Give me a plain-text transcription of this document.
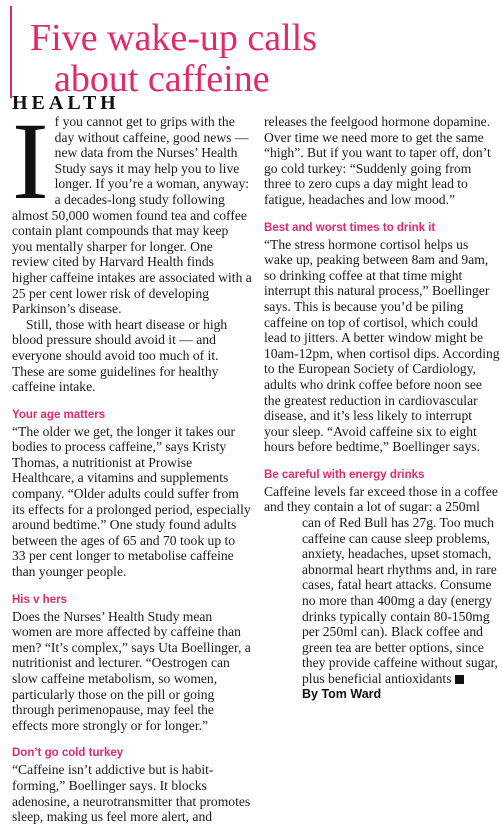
Five wake-up calls
about caffeine
HEALTH
I f you cannot get to grips with the day without caffeine, good news — new data from the Nurses’ Health Study says it may help you to live longer. If you’re a woman, anyway: a decades-long study following almost 50,000 women found tea and coffee contain plant compounds that may keep you mentally sharper for longer. One review cited by Harvard Health finds higher caffeine intakes are associated with a 25 per cent lower risk of developing Parkinson’s disease.

Still, those with heart disease or high blood pressure should avoid it — and everyone should avoid too much of it. These are some guidelines for healthy caffeine intake.

Your age matters

“The older we get, the longer it takes our bodies to process caffeine,” says Kristy Thomas, a nutritionist at Prowise Healthcare, a vitamins and supplements company. “Older adults could suffer from its effects for a prolonged period, especially around bedtime.” One study found adults between the ages of 65 and 70 took up to 33 per cent longer to metabolise caffeine than younger people.

His v hers

Does the Nurses’ Health Study mean women are more affected by caffeine than men? “It’s complex,” says Uta Boellinger, a nutritionist and lecturer. “Oestrogen can slow caffeine metabolism, so women, particularly those on the pill or going through perimenopause, may feel the effects more strongly or for longer.”

Don’t go cold turkey

“Caffeine isn’t addictive but is habit-forming,” Boellinger says. It blocks adenosine, a neurotransmitter that promotes sleep, making us feel more alert, and

releases the feelgood hormone dopamine. Over time we need more to get the same “high”. But if you want to taper off, don’t go cold turkey: “Suddenly going from three to zero cups a day might lead to fatigue, headaches and low mood.”

Best and worst times to drink it

“The stress hormone cortisol helps us wake up, peaking between 8am and 9am, so drinking coffee at that time might interrupt this natural process,” Boellinger says. This is because you’d be piling caffeine on top of cortisol, which could lead to jitters. A better window might be 10am-12pm, when cortisol dips. According to the European Society of Cardiology, adults who drink coffee before noon see the greatest reduction in cardiovascular disease, and it’s less likely to interrupt your sleep. “Avoid caffeine six to eight hours before bedtime,” Boellinger says.

Be careful with energy drinks

Caffeine levels far exceed those in a coffee and they contain a lot of sugar: a 250ml

can of Red Bull has 27g. Too much caffeine can cause sleep problems, anxiety, headaches, upset stomach, abnormal heart rhythms and, in rare cases, fatal heart attacks. Consume no more than 400mg a day (energy drinks typically contain 80-150mg per 250ml can). Black coffee and green tea are better options, since they provide caffeine without sugar, plus beneficial antioxidants

By Tom Ward
